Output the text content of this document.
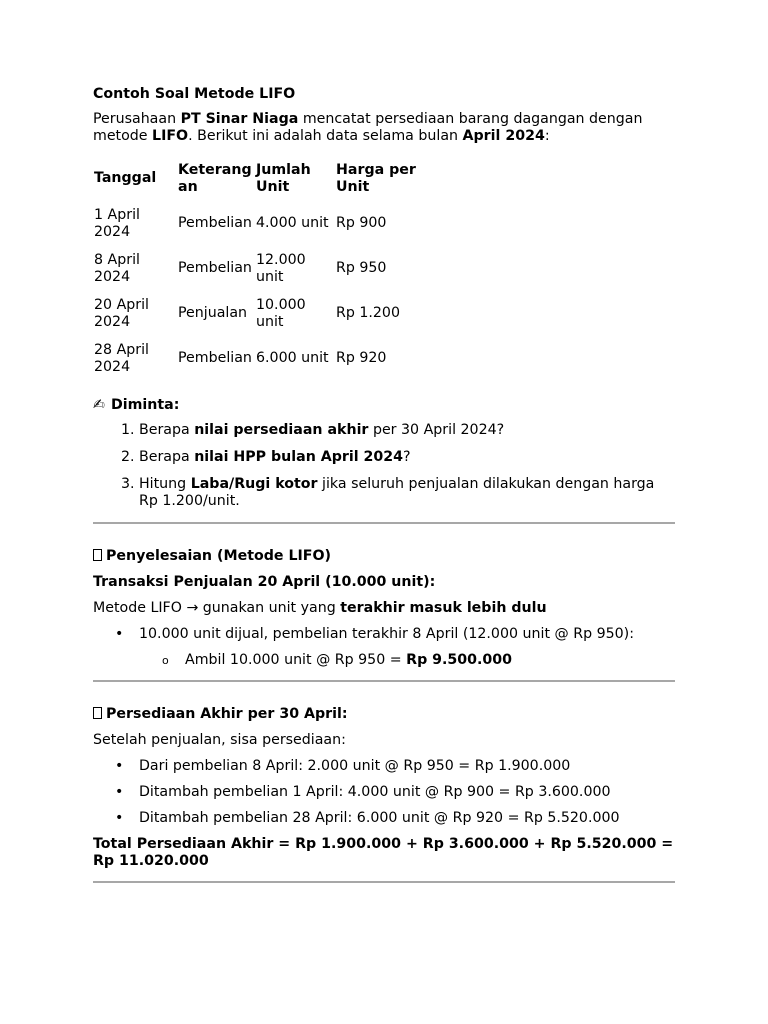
Contoh Soal Metode LIFO

Perusahaan PT Sinar Niaga mencatat persediaan barang dagangan dengan metode LIFO. Berikut ini adalah data selama bulan April 2024:

Tanggal	Keterang an	Jumlah Unit	Harga per Unit
1 April 2024	Pembelian	4.000 unit	Rp 900
8 April 2024	Pembelian	12.000 unit	Rp 950
20 April 2024	Penjualan	10.000 unit	Rp 1.200
28 April 2024	Pembelian	6.000 unit	Rp 920

✍ Diminta:

1. Berapa nilai persediaan akhir per 30 April 2024?
2. Berapa nilai HPP bulan April 2024?
3. Hitung Laba/Rugi kotor jika seluruh penjualan dilakukan dengan harga Rp 1.200/unit.

Penyelesaian (Metode LIFO)

Transaksi Penjualan 20 April (10.000 unit):

Metode LIFO → gunakan unit yang terakhir masuk lebih dulu

• 10.000 unit dijual, pembelian terakhir 8 April (12.000 unit @ Rp 950):
o Ambil 10.000 unit @ Rp 950 = Rp 9.500.000

Persediaan Akhir per 30 April:

Setelah penjualan, sisa persediaan:

• Dari pembelian 8 April: 2.000 unit @ Rp 950 = Rp 1.900.000
• Ditambah pembelian 1 April: 4.000 unit @ Rp 900 = Rp 3.600.000
• Ditambah pembelian 28 April: 6.000 unit @ Rp 920 = Rp 5.520.000

Total Persediaan Akhir = Rp 1.900.000 + Rp 3.600.000 + Rp 5.520.000 = Rp 11.020.000
